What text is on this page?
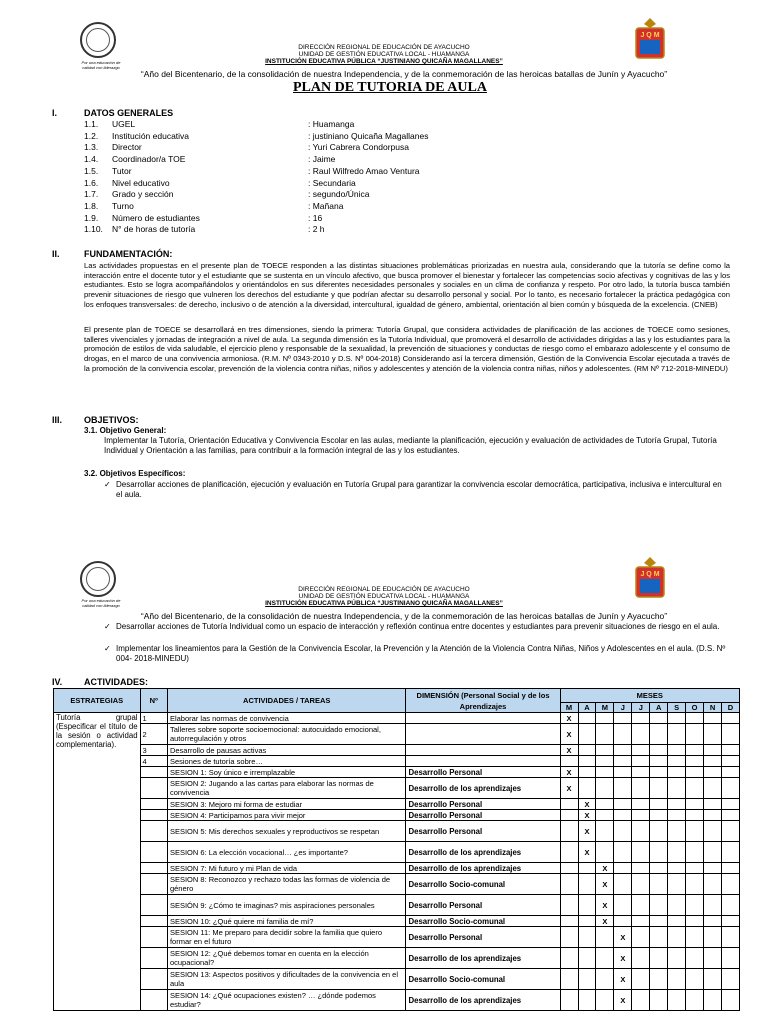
Por una educación de calidad con liderazgo
J Q M
DIRECCIÓN REGIONAL DE EDUCACIÓN DE AYACUCHO
UNIDAD DE GESTIÓN EDUCATIVA LOCAL - HUAMANGA
INSTITUCIÓN EDUCATIVA PÚBLICA “JUSTINIANO QUICAÑA MAGALLANES”
“Año del Bicentenario, de la consolidación de nuestra Independencia, y de la conmemoración de las heroicas batallas de Junín y Ayacucho”
PLAN DE TUTORIA DE AULA
I.	DATOS GENERALES
1.1. UGEL	: Huamanga
1.2. Institución educativa	: justiniano Quicaña Magallanes
1.3. Director	: Yuri Cabrera Condorpusa
1.4. Coordinador/a TOE	: Jaime
1.5. Tutor	: Raul Wilfredo Amao Ventura
1.6. Nivel educativo	: Secundaria
1.7. Grado y sección	: segundo/Única
1.8. Turno	: Mañana
1.9. Número de estudiantes	: 16
1.10. N° de horas de tutoría	: 2 h
II.	FUNDAMENTACIÓN:
Las actividades propuestas en el presente plan de TOECE responden a las distintas situaciones problemáticas priorizadas en nuestra aula, considerando que la tutoría se define como la interacción entre el docente tutor y el estudiante que se sustenta en un vínculo afectivo, que busca promover el bienestar y fortalecer las competencias socio afectivas y cognitivas de las y los estudiantes. Esto se logra acompañándolos y orientándolos en sus diferentes necesidades personales y sociales en un clima de confianza y respeto. Por otro lado, la tutoría busca también prevenir situaciones de riesgo que vulneren los derechos del estudiante y que podrían afectar su desarrollo personal y social. Por lo tanto, es necesario fortalecer la práctica pedagógica con los enfoques transversales: de derecho, inclusivo o de atención a la diversidad, intercultural, igualdad de género, ambiental, orientación al bien común y búsqueda de la excelencia. (CNEB)
El presente plan de TOECE se desarrollará en tres dimensiones, siendo la primera: Tutoría Grupal, que considera actividades de planificación de las acciones de TOECE como sesiones, talleres vivenciales y jornadas de integración a nivel de aula. La segunda dimensión es la Tutoría Individual, que promoverá el desarrollo de actividades dirigidas a las y los estudiantes para la promoción de estilos de vida saludable, el ejercicio pleno y responsable de la sexualidad, la prevención de situaciones y conductas de riesgo como el embarazo adolescente y el consumo de drogas, en el marco de una convivencia armoniosa. (R.M. Nº 0343-2010 y D.S. Nº 004-2018) Considerando así la tercera dimensión, Gestión de la Convivencia Escolar ejecutada a través de la promoción de la convivencia escolar, prevención de la violencia contra niñas, niños y adolescentes y atención de la violencia contra niñas, niños y adolescentes. (RM Nº 712-2018-MINEDU)
III. OBJETIVOS:
3.1. Objetivo General:
Implementar la Tutoría, Orientación Educativa y Convivencia Escolar en las aulas, mediante la planificación, ejecución y evaluación de actividades de Tutoría Grupal, Tutoría Individual y Orientación a las familias, para contribuir a la formación integral de las y los estudiantes.
3.2. Objetivos Específicos:
✓ Desarrollar acciones de planificación, ejecución y evaluación en Tutoría Grupal para garantizar la convivencia escolar democrática, participativa, inclusiva e intercultural en el aula.
Por una educación de calidad con liderazgo
J Q M
DIRECCIÓN REGIONAL DE EDUCACIÓN DE AYACUCHO
UNIDAD DE GESTIÓN EDUCATIVA LOCAL - HUAMANGA
INSTITUCIÓN EDUCATIVA PÚBLICA “JUSTINIANO QUICAÑA MAGALLANES”
“Año del Bicentenario, de la consolidación de nuestra Independencia, y de la conmemoración de las heroicas batallas de Junín y Ayacucho”
✓ Desarrollar acciones de Tutoría Individual como un espacio de interacción y reflexión continua entre docentes y estudiantes para prevenir situaciones de riesgo en el aula.
✓ Implementar los lineamientos para la Gestión de la Convivencia Escolar, la Prevención y la Atención de la Violencia Contra Niñas, Niños y Adolescentes en el aula. (D.S. Nº 004- 2018-MINEDU)
IV. ACTIVIDADES:
ESTRATEGIAS	Nº	ACTIVIDADES / TAREAS	DIMENSIÓN (Personal Social y de los Aprendizajes	MESES									
				M	A	M	J	J	A	S	O	N	D
Tutoría grupal (Especificar el título de la sesión o actividad complementaria).	1	Elaborar las normas de convivencia		X									
	2	Talleres sobre soporte socioemocional: autocuidado emocional, autorregulación y otros		X									
	3	Desarrollo de pausas activas		X									
	4	Sesiones de tutoría sobre…											
		SESION 1: Soy único e irremplazable	Desarrollo Personal	X									
		SESION 2: Jugando a las cartas para elaborar las normas de convivencia	Desarrollo de los aprendizajes	X									
		SESION 3: Mejoro mi forma de estudiar	Desarrollo Personal		X								
		SESION 4: Participamos para vivir mejor	Desarrollo Personal		X								
		SESION 5: Mis derechos sexuales y reproductivos se respetan	Desarrollo Personal		X								
		SESION 6: La elección vocacional… ¿es importante?	Desarrollo de los aprendizajes		X								
		SESION 7: Mi futuro y mi Plan de vida	Desarrollo de los aprendizajes			X							
		SESION 8: Reconozco y rechazo todas las formas de violencia de género	Desarrollo Socio-comunal			X							
		SESIÓN 9: ¿Cómo te imaginas? mis aspiraciones personales	Desarrollo Personal			X							
		SESION 10: ¿Qué quiere mi familia de mí?	Desarrollo Socio-comunal			X							
		SESION 11: Me preparo para decidir sobre la familia que quiero formar en el futuro	Desarrollo Personal				X						
		SESION 12: ¿Qué debemos tomar en cuenta en la elección ocupacional?	Desarrollo de los aprendizajes				X						
		SESION 13: Aspectos positivos y dificultades de la convivencia en el aula	Desarrollo Socio-comunal				X						
		SESION 14: ¿Qué ocupaciones existen? … ¿dónde podemos estudiar?	Desarrollo de los aprendizajes				X						
